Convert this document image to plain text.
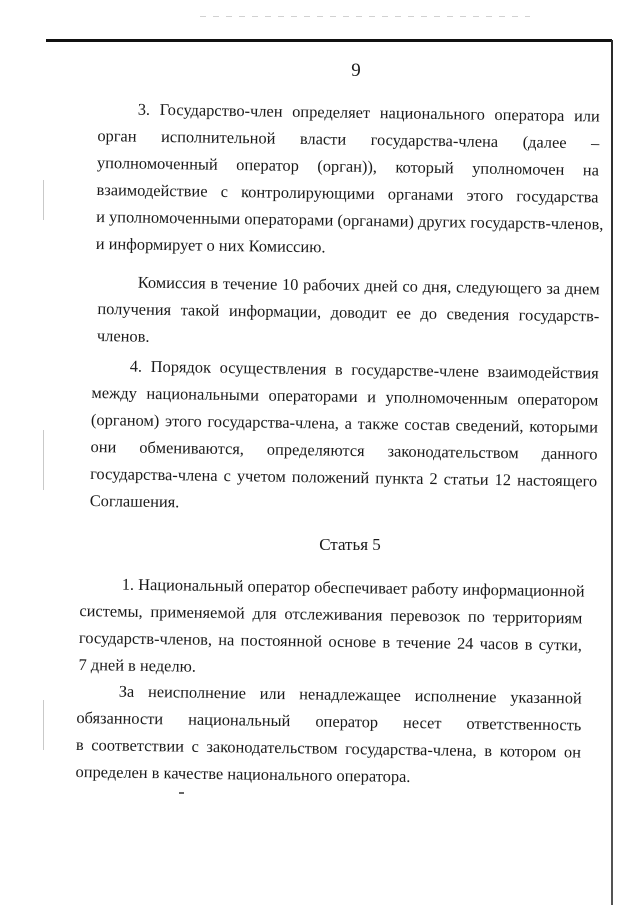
9
3. Государство-член определяет национального оператора или
орган исполнительной власти государства-члена (далее –
уполномоченный оператор (орган)), который уполномочен на
взаимодействие с контролирующими органами этого государства
и уполномоченными операторами (органами) других государств-членов,
и информирует о них Комиссию.
Комиссия в течение 10 рабочих дней со дня, следующего за днем
получения такой информации, доводит ее до сведения государств-
членов.
4. Порядок осуществления в государстве-члене взаимодействия
между национальными операторами и уполномоченным оператором
(органом) этого государства-члена, а также состав сведений, которыми
они обмениваются, определяются законодательством данного
государства-члена с учетом положений пункта 2 статьи 12 настоящего
Соглашения.
Статья 5
1. Национальный оператор обеспечивает работу информационной
системы, применяемой для отслеживания перевозок по территориям
государств-членов, на постоянной основе в течение 24 часов в сутки,
7 дней в неделю.
За неисполнение или ненадлежащее исполнение указанной
обязанности национальный оператор несет ответственность
в соответствии с законодательством государства-члена, в котором он
определен в качестве национального оператора.
